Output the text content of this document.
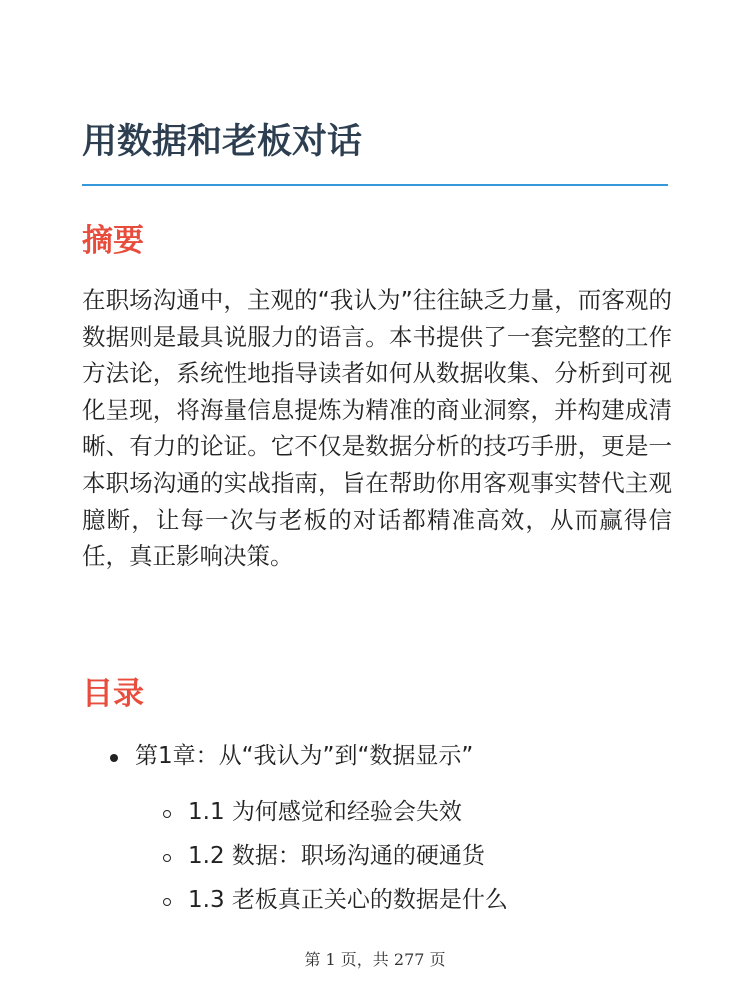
用数据和老板对话
摘要

在职场沟通中，主观的“我认为”往往缺乏力量，而客观的数据则是最具说服力的语言。本书提供了一套完整的工作方法论，系统性地指导读者如何从数据收集、分析到可视化呈现，将海量信息提炼为精准的商业洞察，并构建成清晰、有力的论证。它不仅是数据分析的技巧手册，更是一本职场沟通的实战指南，旨在帮助你用客观事实替代主观臆断，让每一次与老板的对话都精准高效，从而赢得信任，真正影响决策。

目录
第1章：从“我认为”到“数据显示”
1.1 为何感觉和经验会失效
1.2 数据：职场沟通的硬通货
1.3 老板真正关心的数据是什么
第 1 页，共 277 页
